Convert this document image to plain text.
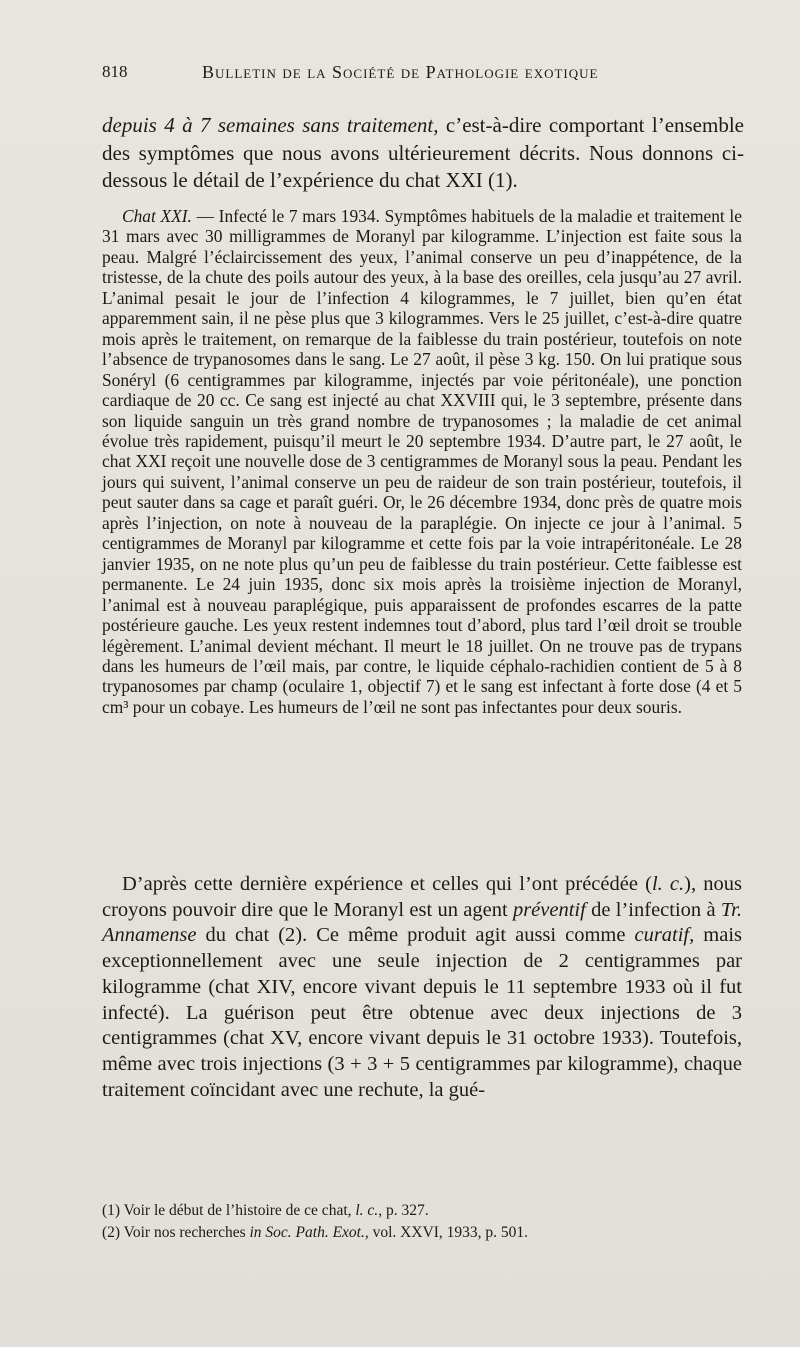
818	Bulletin de la Société de Pathologie exotique
depuis 4 à 7 semaines sans traitement, c’est-à-dire comportant l’ensemble des symptômes que nous avons ultérieurement décrits. Nous donnons ci-dessous le détail de l’expérience du chat XXI (1).

Chat XXI. — Infecté le 7 mars 1934. Symptômes habituels de la maladie et traitement le 31 mars avec 30 milligrammes de Moranyl par kilogramme. L’injection est faite sous la peau. Malgré l’éclaircissement des yeux, l’animal conserve un peu d’inappétence, de la tristesse, de la chute des poils autour des yeux, à la base des oreilles, cela jusqu’au 27 avril. L’animal pesait le jour de l’infection 4 kilogrammes, le 7 juillet, bien qu’en état apparemment sain, il ne pèse plus que 3 kilogrammes. Vers le 25 juillet, c’est-à-dire quatre mois après le traitement, on remarque de la faiblesse du train postérieur, toutefois on note l’absence de trypanosomes dans le sang. Le 27 août, il pèse 3 kg. 150. On lui pratique sous Sonéryl (6 centigrammes par kilogramme, injectés par voie péritonéale), une ponction cardiaque de 20 cc. Ce sang est injecté au chat XXVIII qui, le 3 septembre, présente dans son liquide sanguin un très grand nombre de trypanosomes ; la maladie de cet animal évolue très rapidement, puisqu’il meurt le 20 septembre 1934. D’autre part, le 27 août, le chat XXI reçoit une nouvelle dose de 3 centigrammes de Moranyl sous la peau. Pendant les jours qui suivent, l’animal conserve un peu de raideur de son train postérieur, toutefois, il peut sauter dans sa cage et paraît guéri. Or, le 26 décembre 1934, donc près de quatre mois après l’injection, on note à nouveau de la paraplégie. On injecte ce jour à l’animal. 5 centigrammes de Moranyl par kilogramme et cette fois par la voie intrapéritonéale. Le 28 janvier 1935, on ne note plus qu’un peu de faiblesse du train postérieur. Cette faiblesse est permanente. Le 24 juin 1935, donc six mois après la troisième injection de Moranyl, l’animal est à nouveau paraplégique, puis apparaissent de profondes escarres de la patte postérieure gauche. Les yeux restent indemnes tout d’abord, plus tard l’œil droit se trouble légèrement. L’animal devient méchant. Il meurt le 18 juillet. On ne trouve pas de trypans dans les humeurs de l’œil mais, par contre, le liquide céphalo-rachidien contient de 5 à 8 trypanosomes par champ (oculaire 1, objectif 7) et le sang est infectant à forte dose (4 et 5 cm³ pour un cobaye. Les humeurs de l’œil ne sont pas infectantes pour deux souris.

D’après cette dernière expérience et celles qui l’ont précédée (l. c.), nous croyons pouvoir dire que le Moranyl est un agent préventif de l’infection à Tr. Annamense du chat (2). Ce même produit agit aussi comme curatif, mais exceptionnellement avec une seule injection de 2 centigrammes par kilogramme (chat XIV, encore vivant depuis le 11 septembre 1933 où il fut infecté). La guérison peut être obtenue avec deux injections de 3 centigrammes (chat XV, encore vivant depuis le 31 octobre 1933). Toutefois, même avec trois injections (3 + 3 + 5 centigrammes par kilogramme), chaque traitement coïncidant avec une rechute, la gué-

(1) Voir le début de l’histoire de ce chat, l. c., p. 327.
(2) Voir nos recherches in Soc. Path. Exot., vol. XXVI, 1933, p. 501.
